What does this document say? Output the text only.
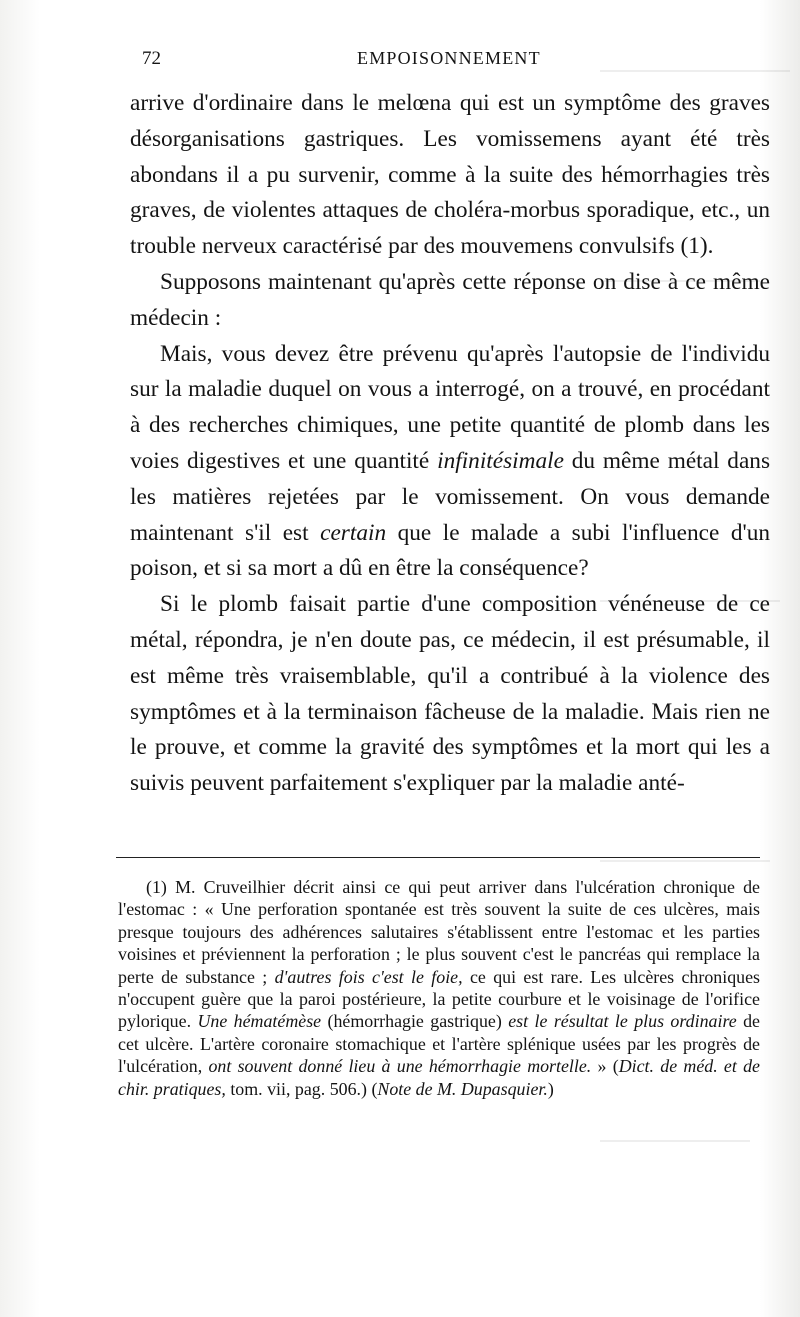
72	EMPOISONNEMENT

arrive d'ordinaire dans le melœna qui est un symptôme des graves désorganisations gastriques. Les vomissemens ayant été très abondans il a pu survenir, comme à la suite des hémorrhagies très graves, de violentes attaques de choléra-morbus sporadique, etc., un trouble nerveux caractérisé par des mouvemens convulsifs (1).

Supposons maintenant qu'après cette réponse on dise à ce même médecin :

Mais, vous devez être prévenu qu'après l'autopsie de l'individu sur la maladie duquel on vous a interrogé, on a trouvé, en procédant à des recherches chimiques, une petite quantité de plomb dans les voies digestives et une quantité infinitésimale du même métal dans les matières rejetées par le vomissement. On vous demande maintenant s'il est certain que le malade a subi l'influence d'un poison, et si sa mort a dû en être la conséquence?

Si le plomb faisait partie d'une composition vénéneuse de ce métal, répondra, je n'en doute pas, ce médecin, il est présumable, il est même très vraisemblable, qu'il a contribué à la violence des symptômes et à la terminaison fâcheuse de la maladie. Mais rien ne le prouve, et comme la gravité des symptômes et la mort qui les a suivis peuvent parfaitement s'expliquer par la maladie anté-

(1) M. Cruveilhier décrit ainsi ce qui peut arriver dans l'ulcération chronique de l'estomac : « Une perforation spontanée est très souvent la suite de ces ulcères, mais presque toujours des adhérences salutaires s'établissent entre l'estomac et les parties voisines et préviennent la perforation ; le plus souvent c'est le pancréas qui remplace la perte de substance ; d'autres fois c'est le foie, ce qui est rare. Les ulcères chroniques n'occupent guère que la paroi postérieure, la petite courbure et le voisinage de l'orifice pylorique. Une hématémèse (hémorrhagie gastrique) est le résultat le plus ordinaire de cet ulcère. L'artère coronaire stomachique et l'artère splénique usées par les progrès de l'ulcération, ont souvent donné lieu à une hémorrhagie mortelle. » (Dict. de méd. et de chir. pratiques, tom. vii, pag. 506.) (Note de M. Dupasquier.)
